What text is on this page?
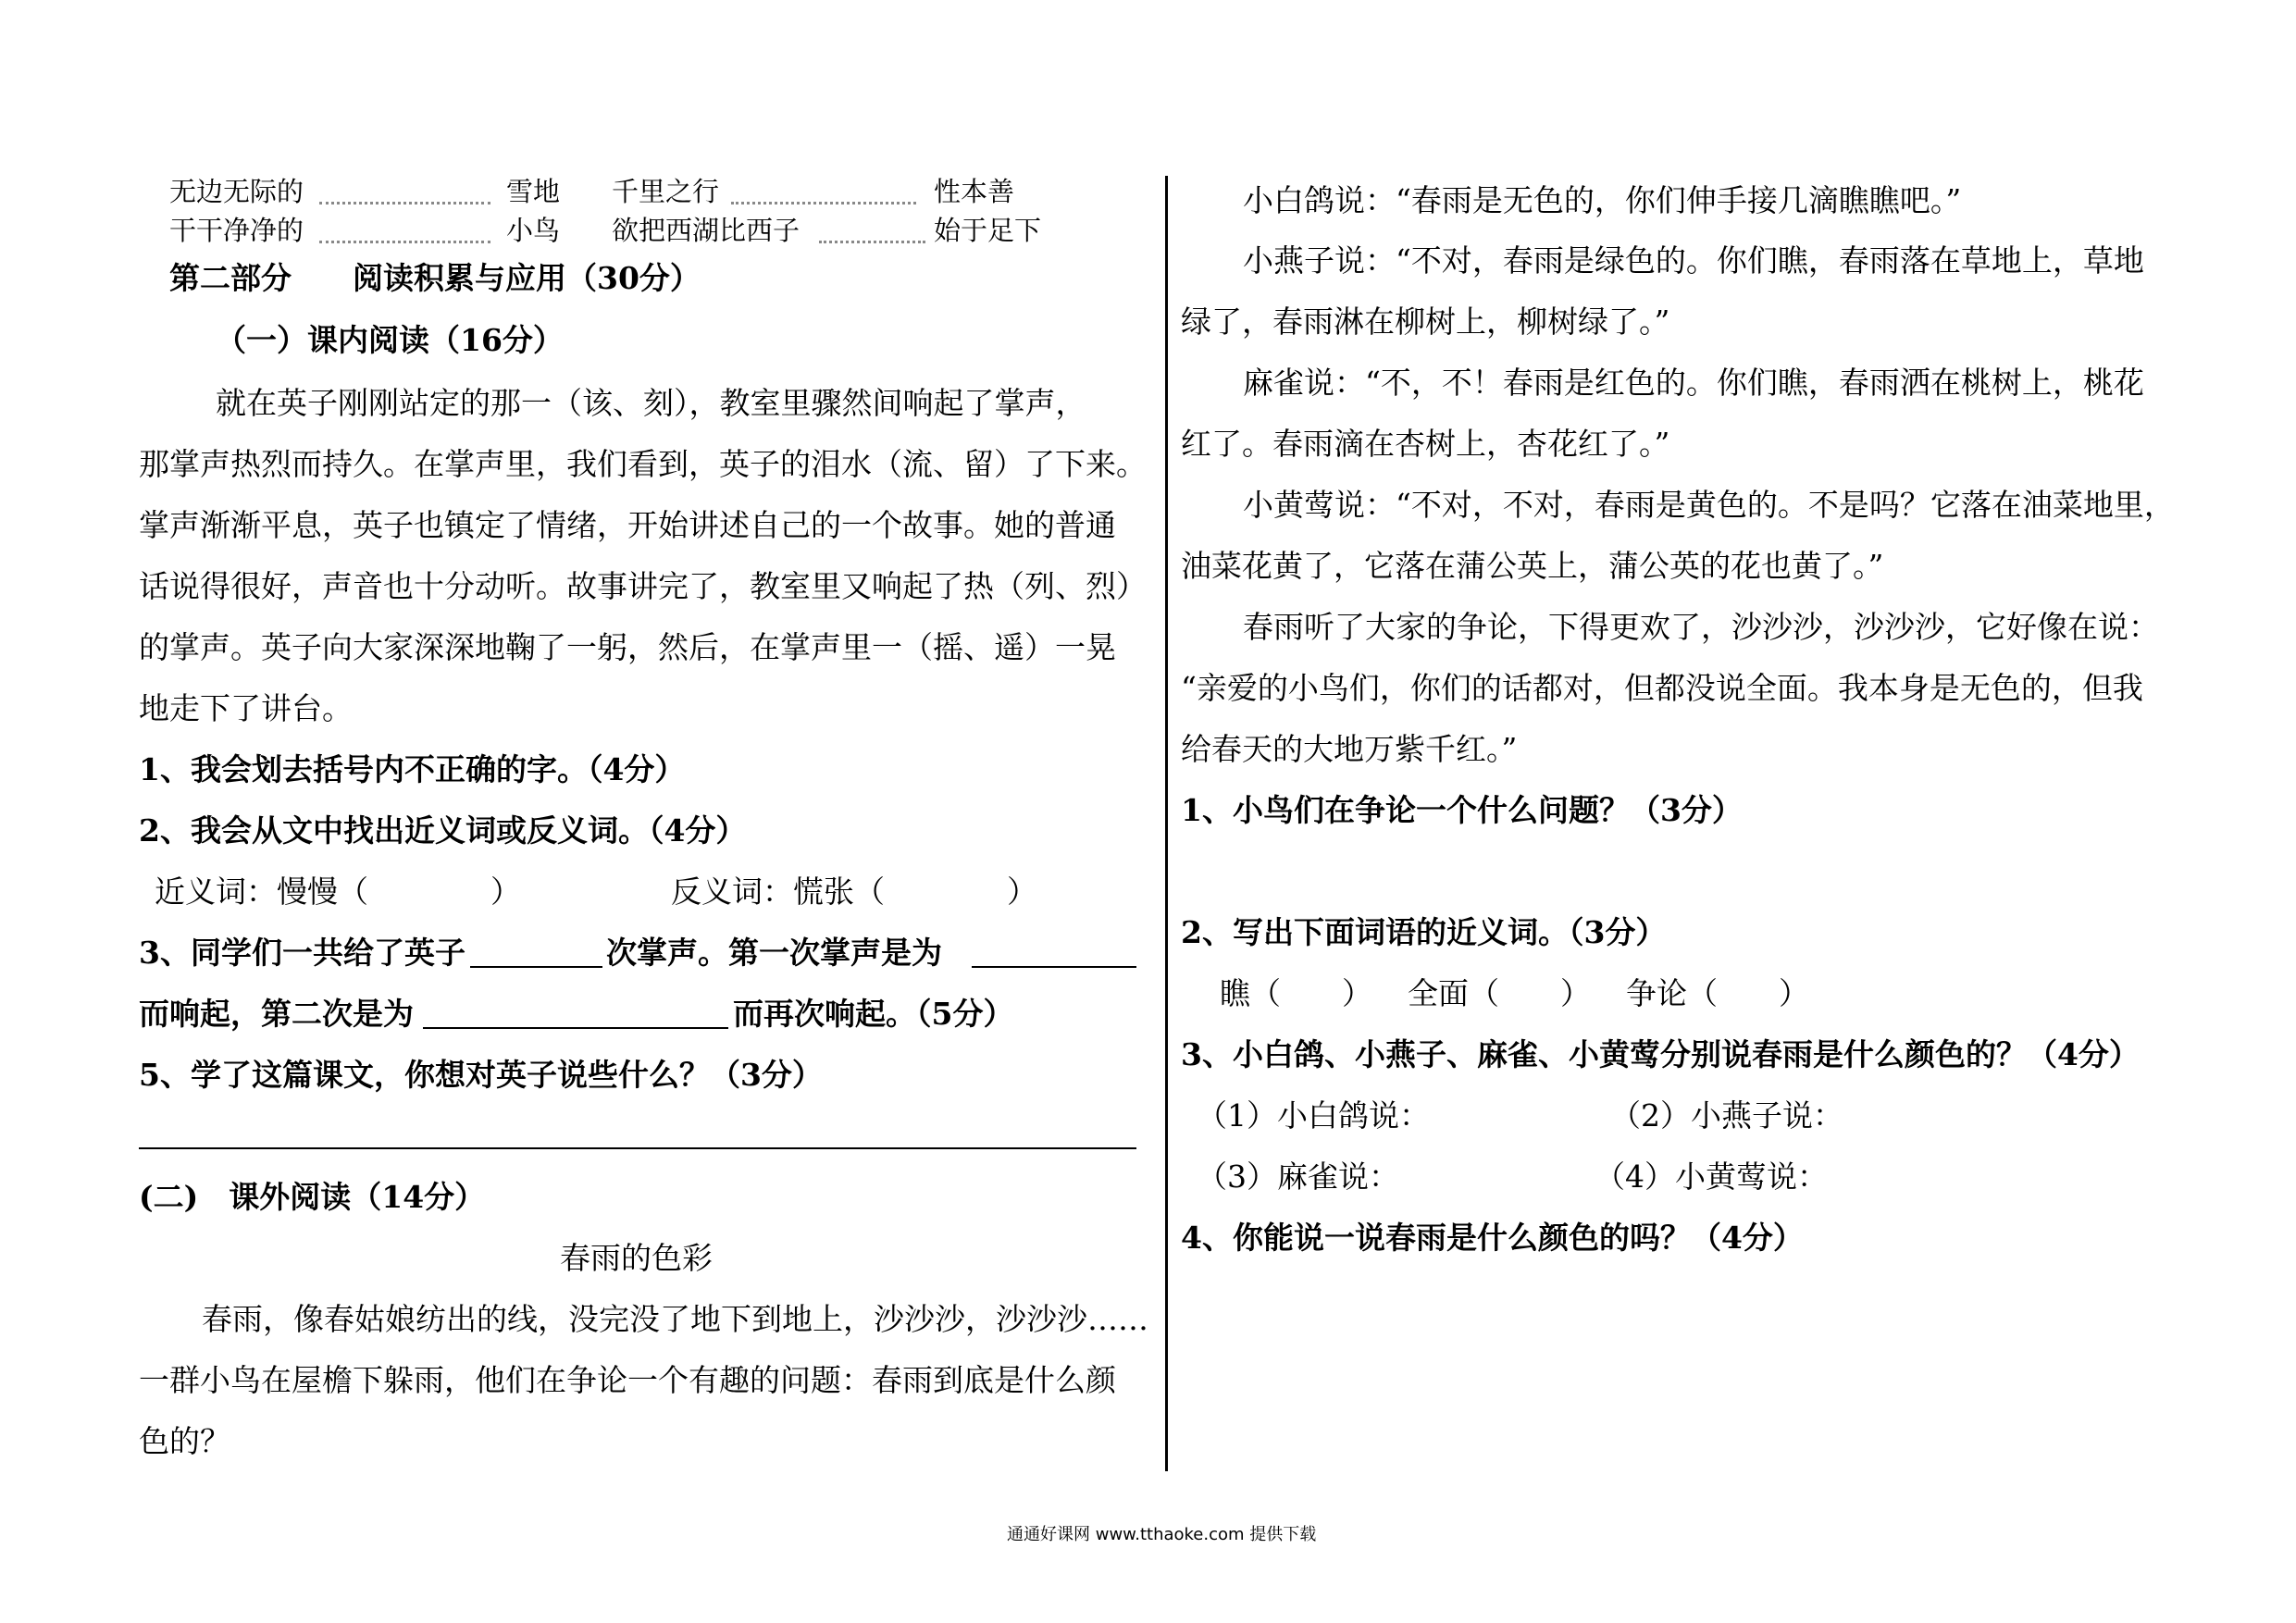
无边无际的	雪地 千里之行	性本善
干干净净的	小鸟 欲把西湖比西子	始于足下
第二部分　　阅读积累与应用（30分）
（一）课内阅读（16分）
就在英子刚刚站定的那一（该、刻），教室里骤然间响起了掌声，
那掌声热烈而持久。在掌声里，我们看到，英子的泪水（流、留）了下来。
掌声渐渐平息，英子也镇定了情绪，开始讲述自己的一个故事。她的普通
话说得很好，声音也十分动听。故事讲完了，教室里又响起了热（列、烈）
的掌声。英子向大家深深地鞠了一躬，然后，在掌声里一（摇、遥）一晃
地走下了讲台。
1、我会划去括号内不正确的字。（4分）
2、我会从文中找出近义词或反义词。（4分）
近义词：慢慢（　　　　）	反义词：慌张（　　　　）
3、同学们一共给了英子	次掌声。第一次掌声是为
而响起，第二次是为	而再次响起。（5分）
5、学了这篇课文，你想对英子说些什么？（3分）
(二)　课外阅读（14分）
春雨的色彩
春雨，像春姑娘纺出的线，没完没了地下到地上，沙沙沙，沙沙沙……
一群小鸟在屋檐下躲雨，他们在争论一个有趣的问题：春雨到底是什么颜
色的？
小白鸽说：“春雨是无色的，你们伸手接几滴瞧瞧吧。”
小燕子说：“不对，春雨是绿色的。你们瞧，春雨落在草地上，草地
绿了，春雨淋在柳树上，柳树绿了。”
麻雀说：“不，不！春雨是红色的。你们瞧，春雨洒在桃树上，桃花
红了。春雨滴在杏树上，杏花红了。”
小黄莺说：“不对，不对，春雨是黄色的。不是吗？它落在油菜地里，
油菜花黄了，它落在蒲公英上，蒲公英的花也黄了。”
春雨听了大家的争论，下得更欢了，沙沙沙，沙沙沙，它好像在说：
“亲爱的小鸟们，你们的话都对，但都没说全面。我本身是无色的，但我
给春天的大地万紫千红。”
1、小鸟们在争论一个什么问题？（3分）
2、写出下面词语的近义词。（3分）
瞧（　　） 全面（　　） 争论（　　）
3、小白鸽、小燕子、麻雀、小黄莺分别说春雨是什么颜色的？（4分）
（1）小白鸽说：	（2）小燕子说：
（3）麻雀说：	（4）小黄莺说：
4、你能说一说春雨是什么颜色的吗？（4分）
通通好课网 www.tthaoke.com 提供下载
